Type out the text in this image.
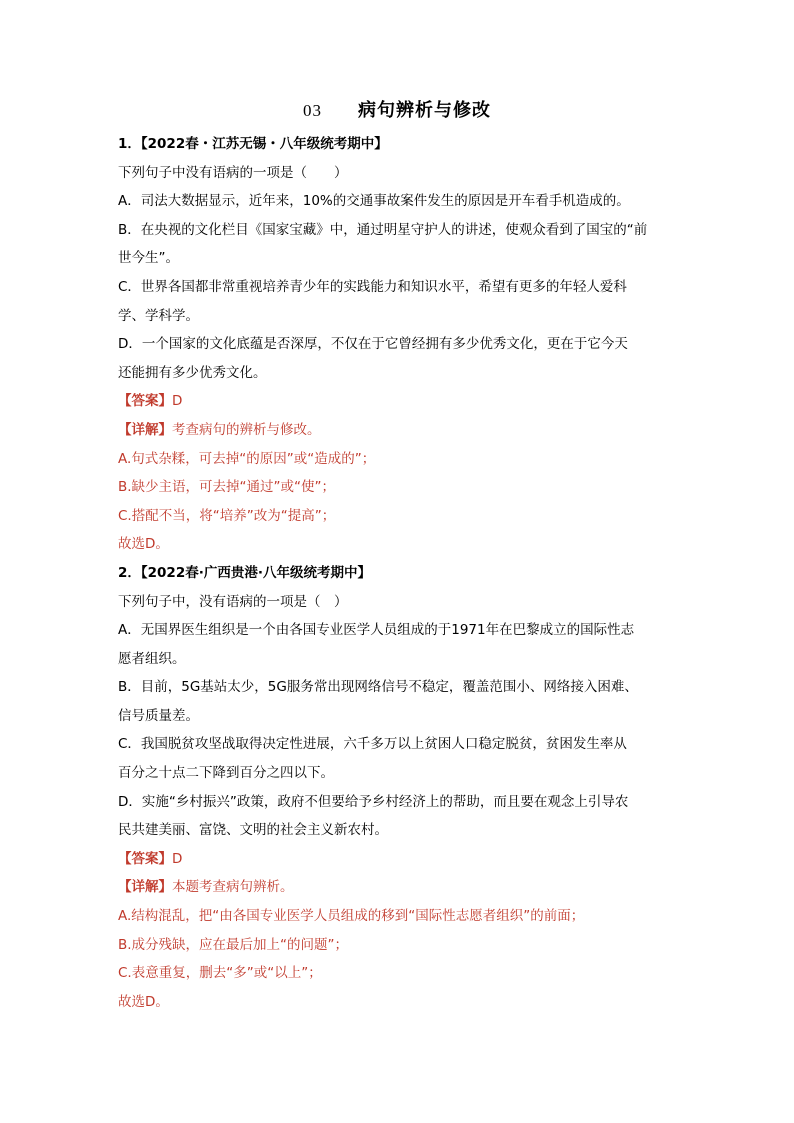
03 病句辨析与修改
1．【2022春・江苏无锡・八年级统考期中】
下列句子中没有语病的一项是（　　）
A．司法大数据显示，近年来，10%的交通事故案件发生的原因是开车看手机造成的。
B．在央视的文化栏目《国家宝藏》中，通过明星守护人的讲述，使观众看到了国宝的“前
世今生”。
C．世界各国都非常重视培养青少年的实践能力和知识水平，希望有更多的年轻人爱科
学、学科学。
D．一个国家的文化底蕴是否深厚，不仅在于它曾经拥有多少优秀文化，更在于它今天
还能拥有多少优秀文化。
【答案】D
【详解】考查病句的辨析与修改。
A.句式杂糅，可去掉“的原因”或“造成的”；
B.缺少主语，可去掉“通过”或“使”；
C.搭配不当，将“培养”改为“提高”；
故选D。
2．【2022春·广西贵港·八年级统考期中】
下列句子中，没有语病的一项是（　）
A．无国界医生组织是一个由各国专业医学人员组成的于1971年在巴黎成立的国际性志
愿者组织。
B．目前，5G基站太少，5G服务常出现网络信号不稳定，覆盖范围小、网络接入困难、
信号质量差。
C．我国脱贫攻坚战取得决定性进展，六千多万以上贫困人口稳定脱贫，贫困发生率从
百分之十点二下降到百分之四以下。
D．实施“乡村振兴”政策，政府不但要给予乡村经济上的帮助，而且要在观念上引导农
民共建美丽、富饶、文明的社会主义新农村。
【答案】D
【详解】本题考查病句辨析。
A.结构混乱，把“由各国专业医学人员组成的移到“国际性志愿者组织”的前面；
B.成分残缺，应在最后加上“的问题”；
C.表意重复，删去“多”或“以上”；
故选D。
